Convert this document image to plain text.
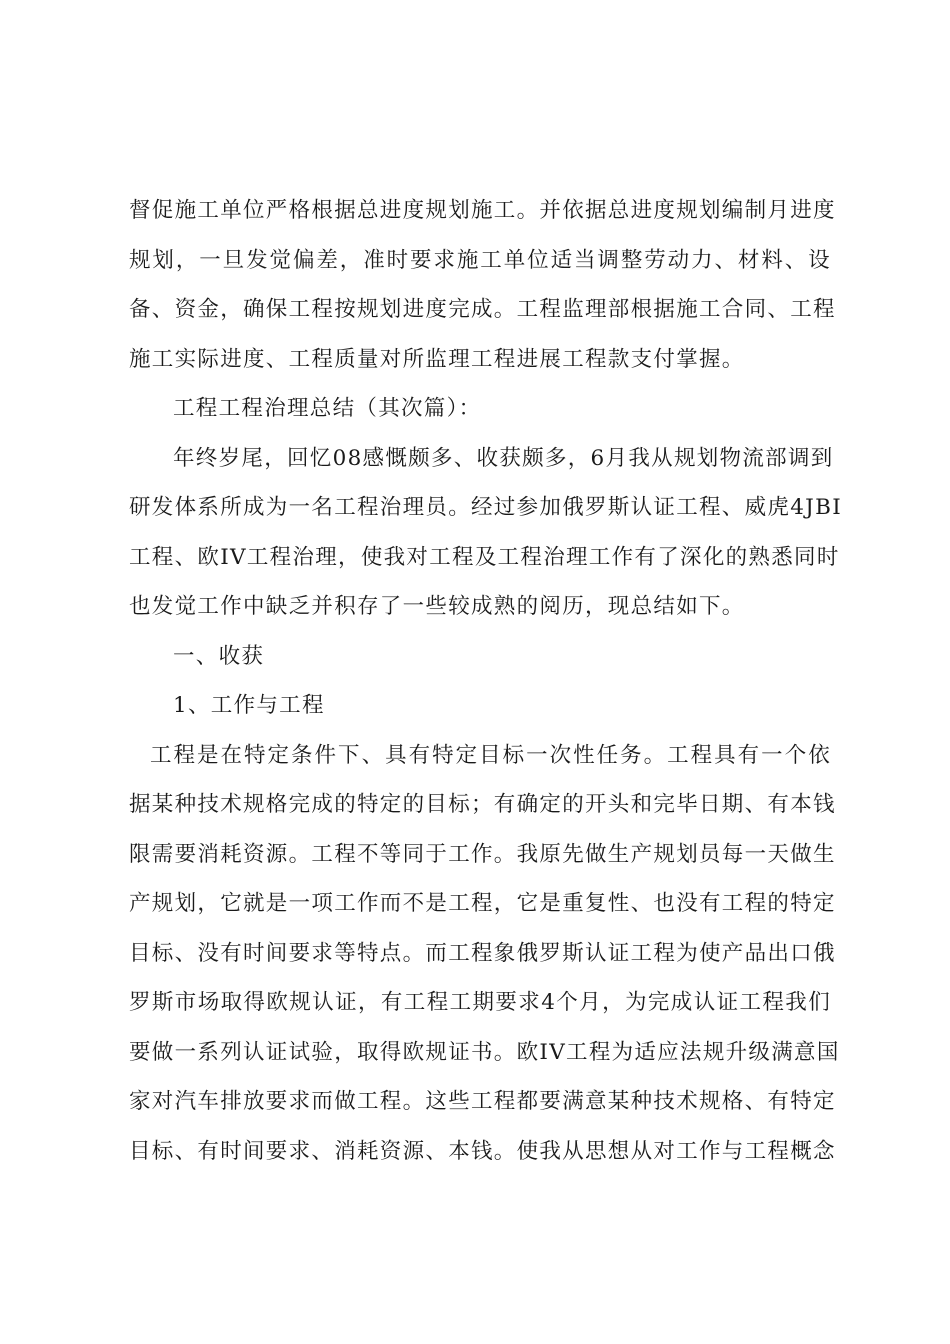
督促施工单位严格根据总进度规划施工。并依据总进度规划编制月进度
规划，一旦发觉偏差，准时要求施工单位适当调整劳动力、材料、设
备、资金，确保工程按规划进度完成。工程监理部根据施工合同、工程
施工实际进度、工程质量对所监理工程进展工程款支付掌握。
工程工程治理总结（其次篇）：
年终岁尾，回忆08感慨颇多、收获颇多，6月我从规划物流部调到
研发体系所成为一名工程治理员。经过参加俄罗斯认证工程、威虎4JBI
工程、欧IV工程治理，使我对工程及工程治理工作有了深化的熟悉同时
也发觉工作中缺乏并积存了一些较成熟的阅历，现总结如下。
一、收获
1、工作与工程
工程是在特定条件下、具有特定目标一次性任务。工程具有一个依
据某种技术规格完成的特定的目标；有确定的开头和完毕日期、有本钱
限需要消耗资源。工程不等同于工作。我原先做生产规划员每一天做生
产规划，它就是一项工作而不是工程，它是重复性、也没有工程的特定
目标、没有时间要求等特点。而工程象俄罗斯认证工程为使产品出口俄
罗斯市场取得欧规认证，有工程工期要求4个月，为完成认证工程我们
要做一系列认证试验，取得欧规证书。欧IV工程为适应法规升级满意国
家对汽车排放要求而做工程。这些工程都要满意某种技术规格、有特定
目标、有时间要求、消耗资源、本钱。使我从思想从对工作与工程概念
